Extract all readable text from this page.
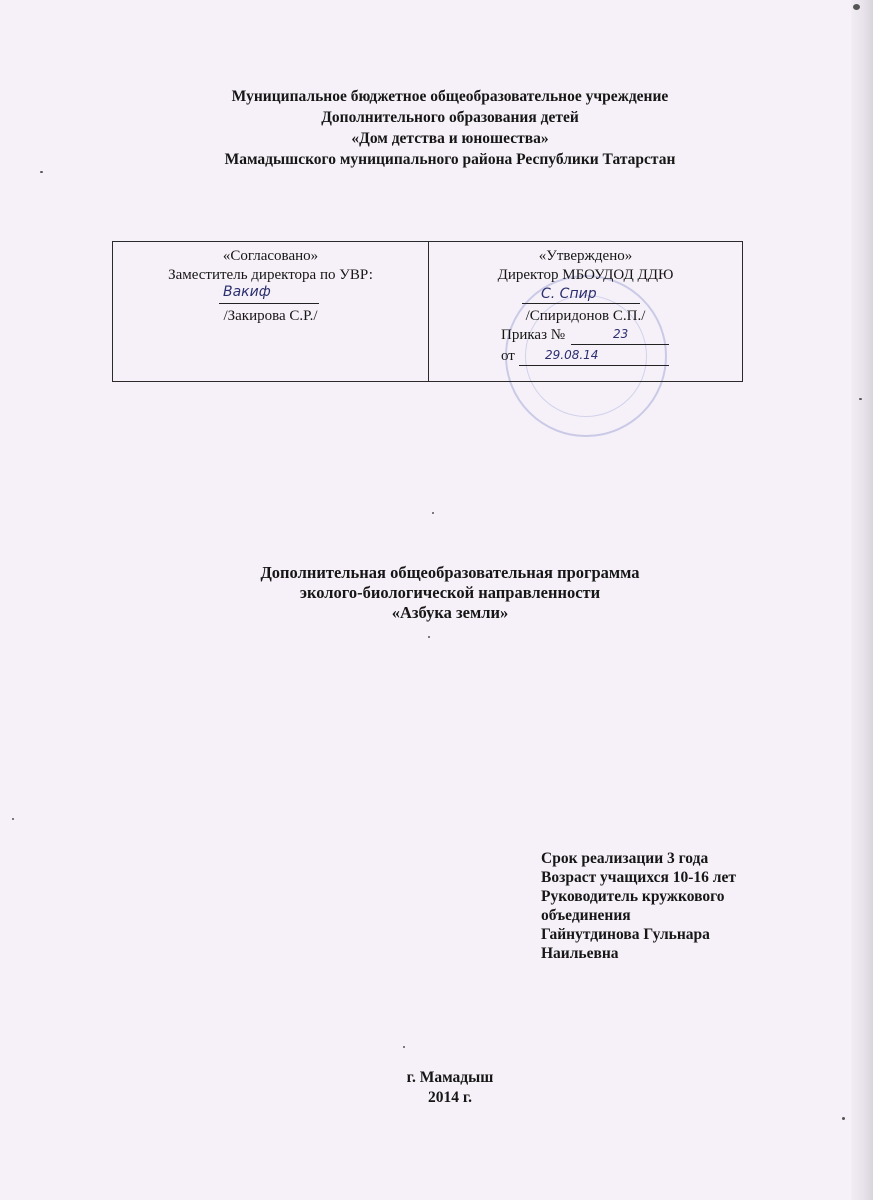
Муниципальное бюджетное общеобразовательное учреждение
Дополнительного образования детей
«Дом детства и юношества»
Мамадышского муниципального района Республики Татарстан
«Согласовано»
Заместитель директора по УВР:
Вакиф
/Закирова С.Р./
«Утверждено»
Директор МБОУДОД ДДЮ
С. Спир
/Спиридонов С.П./
Приказ №	23
от	29.08.14
Дополнительная общеобразовательная программа
эколого-биологической направленности
«Азбука земли»
Срок реализации 3 года
Возраст учащихся 10-16 лет
Руководитель кружкового
объединения
Гайнутдинова Гульнара
Наильевна
г. Мамадыш
2014 г.
